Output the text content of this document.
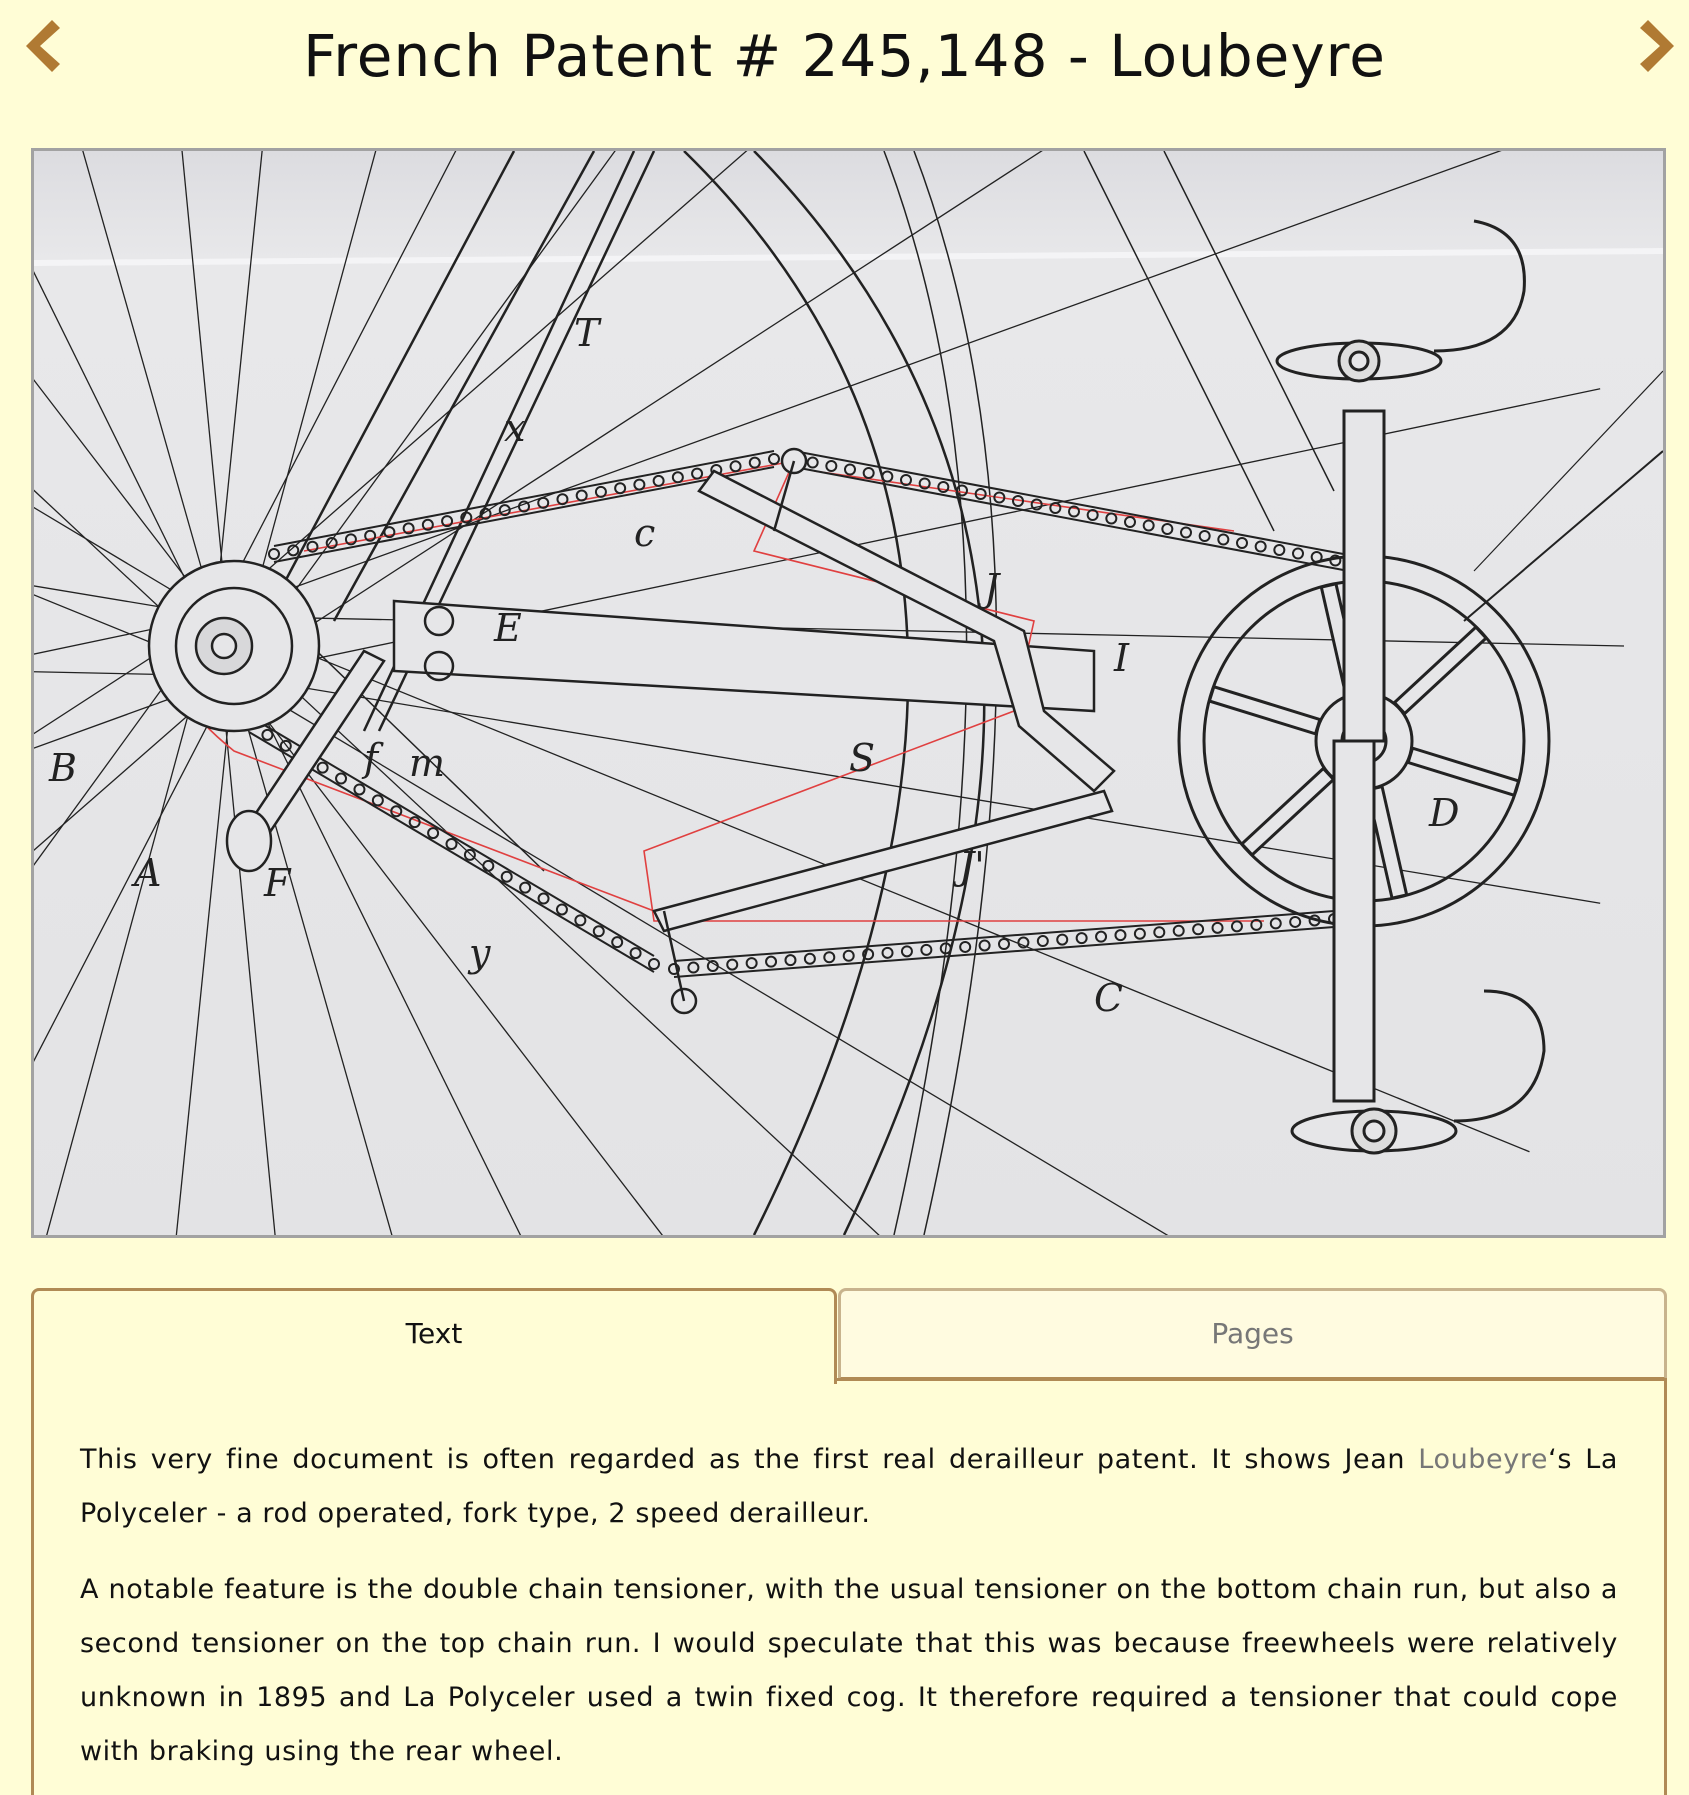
French Patent # 245,148 - Loubeyre
T
x
c
J
E
I
B	f m	S
D
A	F	J'
y
C
Text	Pages

This very fine document is often regarded as the first real derailleur patent. It shows Jean Loubeyre‘s La Polyceler - a rod operated, fork type, 2 speed derailleur.

A notable feature is the double chain tensioner, with the usual tensioner on the bottom chain run, but also a second tensioner on the top chain run. I would speculate that this was because freewheels were relatively unknown in 1895 and La Polyceler used a twin fixed cog. It therefore required a tensioner that could cope with braking using the rear wheel.
